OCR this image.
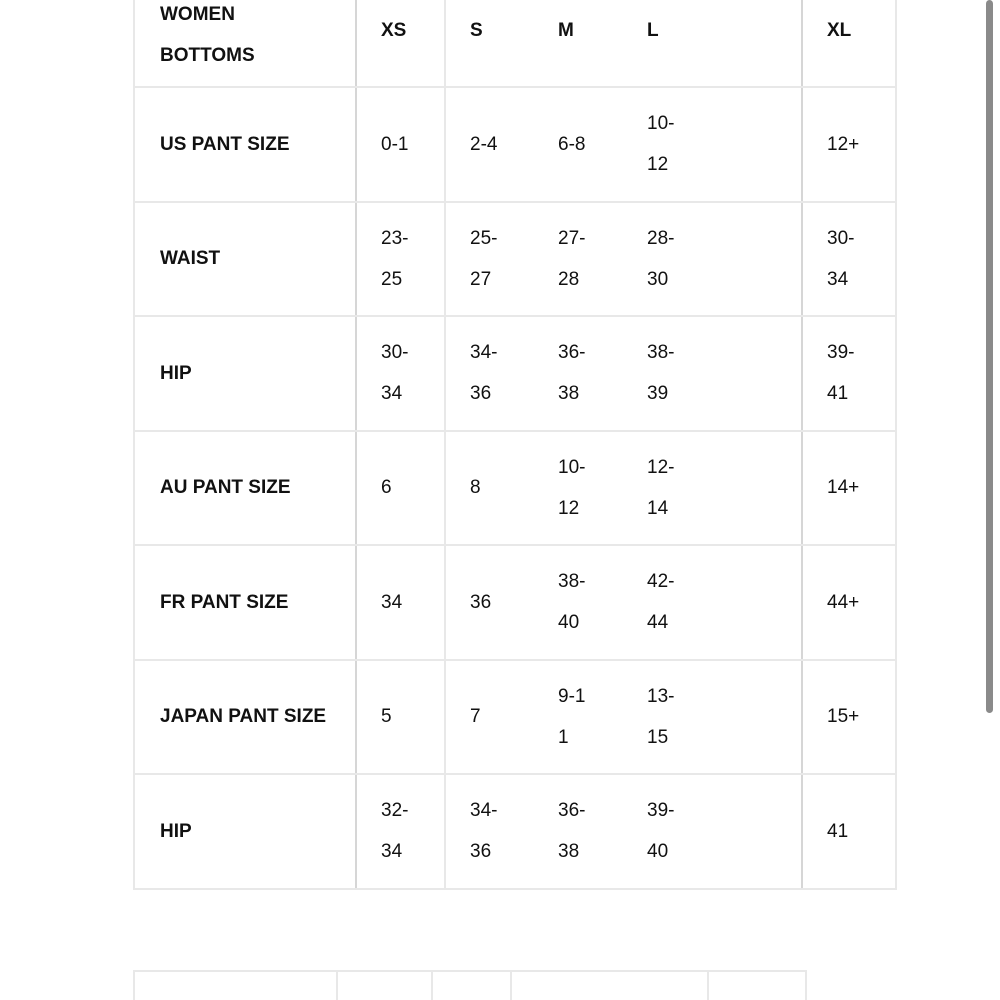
WOMEN
BOTTOMS	XS	S	M	L	XL
US PANT SIZE	0-1	2-4	6-8	10-12	12+

WAIST	23-25	25-27	27-28	28-30	30-34

HIP	30-34	34-36	36-38	38-39	39-41

AU PANT SIZE	6	8	10-12	12-14	14+

FR PANT SIZE	34	36	38-40	42-44	44+

JAPAN PANT SIZE	5	7	9-11	13-15	15+

HIP	32-34	34-36	36-38	39-40	41
